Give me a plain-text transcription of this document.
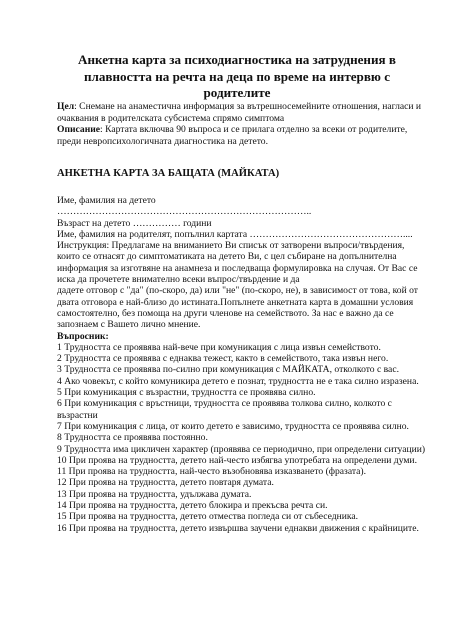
Анкетна карта за психодиагностика на затруднения в плавността на речта на деца по време на интервю с родителите

Цел: Снемане на анаместична информация за вътрешносемейните отношения, нагласи и очаквания в родителската субсистема спрямо симптома

Описание: Картата включва 90 въпроса и се прилага отделно за всеки от родителите, преди невропсихологичната диагностика на детето.

АНКЕТНА КАРТА ЗА БАЩАТА (МАЙКАТА)
Име, фамилия на детето
……………………………………………………………………..
Възраст на детето …………… години
Име, фамилия на родителят, попълнил картата …………………………………………....

Инструкция: Предлагаме на вниманието Ви списък от затворени въпроси/твърдения, които се отнасят до симптоматиката на детето Ви, с цел събиране на допълнителна информация за изготвяне на анамнеза и последваща формулировка на случая. От Вас се иска да прочетете внимателно всеки въпрос/твърдение и да

дадете отговор с "да" (по-скоро, да) или "не" (по-скоро, не), в зависимост от това, кой от двата отговора е най-близо до истината.Попълнете анкетната карта в домашни условия самостоятелно, без помоща на други членове на семейството. За нас е важно да се запознаем с Вашето лично мнение.

Въпросник:
1 Трудността се проявява най-вече при комуникация с лица извън семейството.
2 Трудността се проявява с еднаква тежест, както в семейството, така извън него.
3 Трудността се проявява по-силно при комуникация с МАЙКАТА, отколкото с вас.
4 Ако човекът, с който комуникира детето е познат, трудността не е така силно изразена.
5 При комуникация с възрастни, трудността се проявява силно.
6 При комуникация с връстници, трудността се проявява толкова силно, колкото с възрастни
7 При комуникация с лица, от които детето е зависимо, трудността се проявява силно.
8 Трудността се проявява постоянно.
9 Трудността има цикличен характер (проявява се периодично, при определени ситуации)
10 При проява на трудността, детето най-често избягва употребата на определени думи.
11 При проява на трудността, най-често възобновява изказването (фразата).
12 При проява на трудността, детето повтаря думата.
13 При проява на трудността, удължава думата.
14 При проява на трудността, детето блокира и прекъсва речта си.
15 При проява на трудността, детето отмества погледа си от събеседника.
16 При проява на трудността, детето извършва заучени еднакви движения с крайниците.
